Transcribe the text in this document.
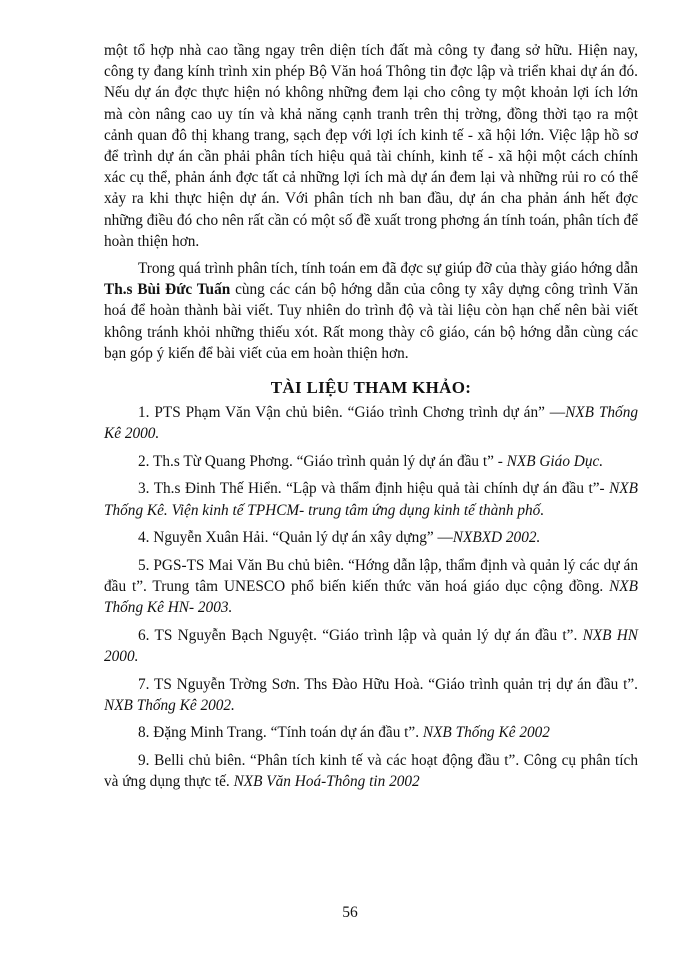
một tổ hợp nhà cao tầng ngay trên diện tích đất mà công ty đang sở hữu. Hiện nay, công ty đang kính trình xin phép Bộ Văn hoá Thông tin đợc lập và triển khai dự án đó. Nếu dự án đợc thực hiện nó không những đem lại cho công ty một khoản lợi ích lớn mà còn nâng cao uy tín và khả năng cạnh tranh trên thị trờng, đồng thời tạo ra một cảnh quan đô thị khang trang, sạch đẹp với lợi ích kinh tế - xã hội lớn. Việc lập hồ sơ để trình dự án cần phải phân tích hiệu quả tài chính, kinh tế - xã hội một cách chính xác cụ thể, phản ánh đợc tất cả những lợi ích mà dự án đem lại và những rủi ro có thể xảy ra khi thực hiện dự án. Với phân tích nh ban đầu, dự án cha phản ánh hết đợc những điều đó cho nên rất cần có một số đề xuất trong phơng án tính toán, phân tích để hoàn thiện hơn.

Trong quá trình phân tích, tính toán em đã đợc sự giúp đỡ của thày giáo hớng dẫn Th.s Bùi Đức Tuấn cùng các cán bộ hớng dẫn của công ty xây dựng công trình Văn hoá để hoàn thành bài viết. Tuy nhiên do trình độ và tài liệu còn hạn chế nên bài viết không tránh khỏi những thiếu xót. Rất mong thày cô giáo, cán bộ hớng dẫn cùng các bạn góp ý kiến để bài viết của em hoàn thiện hơn.

TÀI LIỆU THAM KHẢO:

1. PTS Phạm Văn Vận chủ biên. “Giáo trình Chơng trình dự án” —NXB Thống Kê 2000.

2. Th.s Từ Quang Phơng. “Giáo trình quản lý dự án đầu t” - NXB Giáo Dục.

3. Th.s Đinh Thế Hiển. “Lập và thẩm định hiệu quả tài chính dự án đầu t”- NXB Thống Kê. Viện kinh tế TPHCM- trung tâm ứng dụng kinh tế thành phố.

4. Nguyễn Xuân Hải. “Quản lý dự án xây dựng” —NXBXD 2002.

5. PGS-TS Mai Văn Bu chủ biên. “Hớng dẫn lập, thẩm định và quản lý các dự án đầu t”. Trung tâm UNESCO phổ biến kiến thức văn hoá giáo dục cộng đồng. NXB Thống Kê HN- 2003.

6. TS Nguyễn Bạch Nguyệt. “Giáo trình lập và quản lý dự án đầu t”. NXB HN 2000.

7. TS Nguyễn Trờng Sơn. Ths Đào Hữu Hoà. “Giáo trình quản trị dự án đầu t”. NXB Thống Kê 2002.

8. Đặng Minh Trang. “Tính toán dự án đầu t”. NXB Thống Kê 2002

9. Belli chủ biên. “Phân tích kinh tế và các hoạt động đầu t”. Công cụ phân tích và ứng dụng thực tế. NXB Văn Hoá-Thông tin 2002

56
